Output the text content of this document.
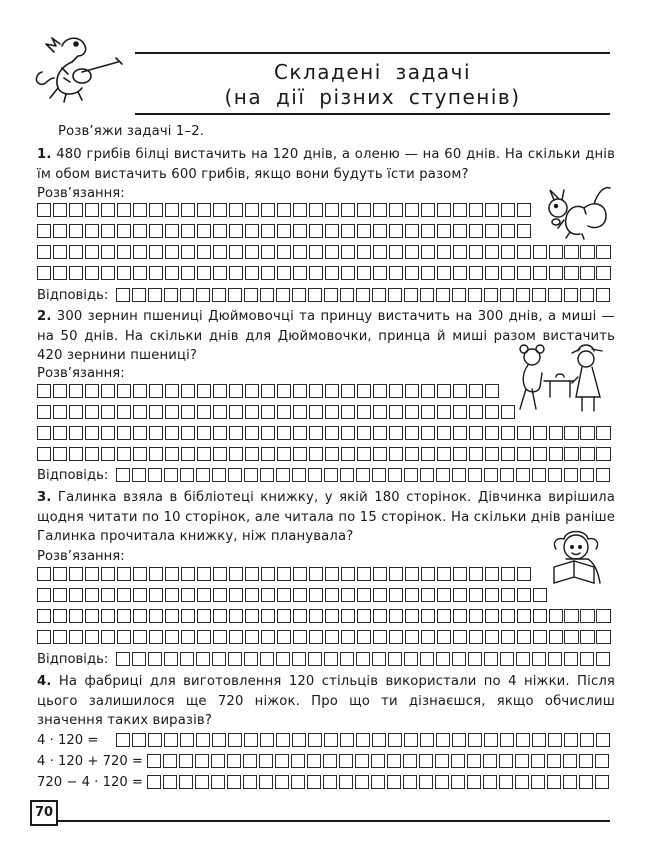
Складені задачі
(на дії різних ступенів)
Розв’яжи задачі 1–2.
1. 480 грибів білці вистачить на 120 днів, а оленю — на 60 днів. На скільки днів їм обом вистачить 600 грибів, якщо вони будуть їсти разом?
Розв’язання:
Відповідь:
2. 300 зернин пшениці Дюймовочці та принцу вистачить на 300 днів, а миші — на 50 днів. На скільки днів для Дюймовочки, принца й миші разом вистачить 420 зернини пшениці?
Розв’язання:
Відповідь:
3. Галинка взяла в бібліотеці книжку, у якій 180 сторінок. Дівчинка вирішила щодня читати по 10 сторінок, але читала по 15 сторінок. На скільки днів раніше Галинка прочитала книжку, ніж планувала?
Розв’язання:
Відповідь:
4. На фабриці для виготовлення 120 стільців використали по 4 ніжки. Після цього залишилося ще 720 ніжок. Про що ти дізнаєшся, якщо обчислиш значення таких виразів?
4 · 120 =
4 · 120 + 720 =
720 − 4 · 120 =
70
